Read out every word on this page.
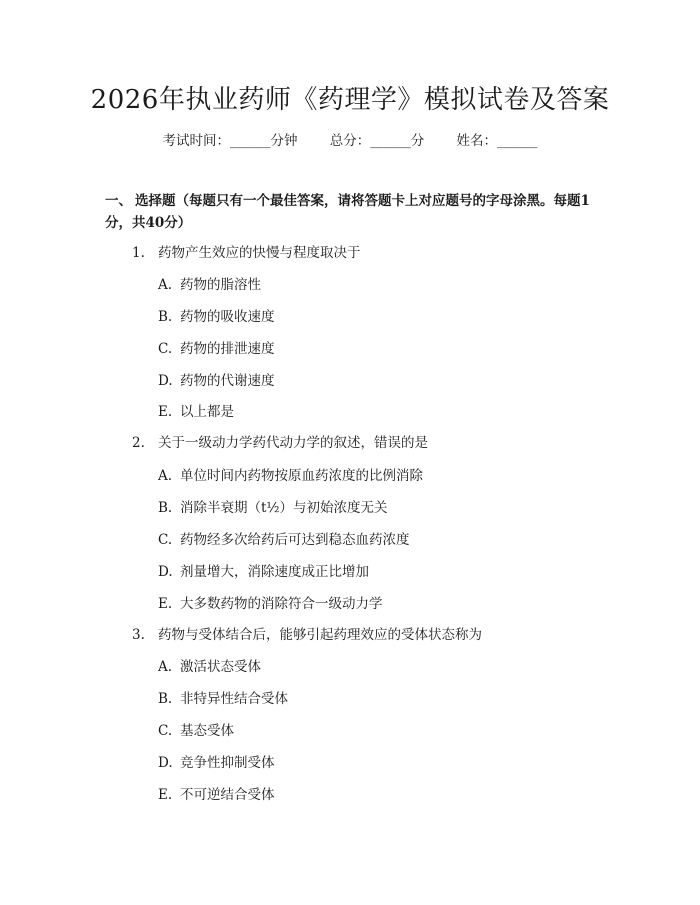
2026年执业药师《药理学》模拟试卷及答案
考试时间：______分钟 总分：______分 姓名：______
一、 选择题（每题只有一个最佳答案，请将答题卡上对应题号的字母涂黑。每题1分，共40分）
1. 药物产生效应的快慢与程度取决于
A. 药物的脂溶性
B. 药物的吸收速度
C. 药物的排泄速度
D. 药物的代谢速度
E. 以上都是
2. 关于一级动力学药代动力学的叙述，错误的是
A. 单位时间内药物按原血药浓度的比例消除
B. 消除半衰期（t½）与初始浓度无关
C. 药物经多次给药后可达到稳态血药浓度
D. 剂量增大，消除速度成正比增加
E. 大多数药物的消除符合一级动力学
3. 药物与受体结合后，能够引起药理效应的受体状态称为
A. 激活状态受体
B. 非特异性结合受体
C. 基态受体
D. 竞争性抑制受体
E. 不可逆结合受体
